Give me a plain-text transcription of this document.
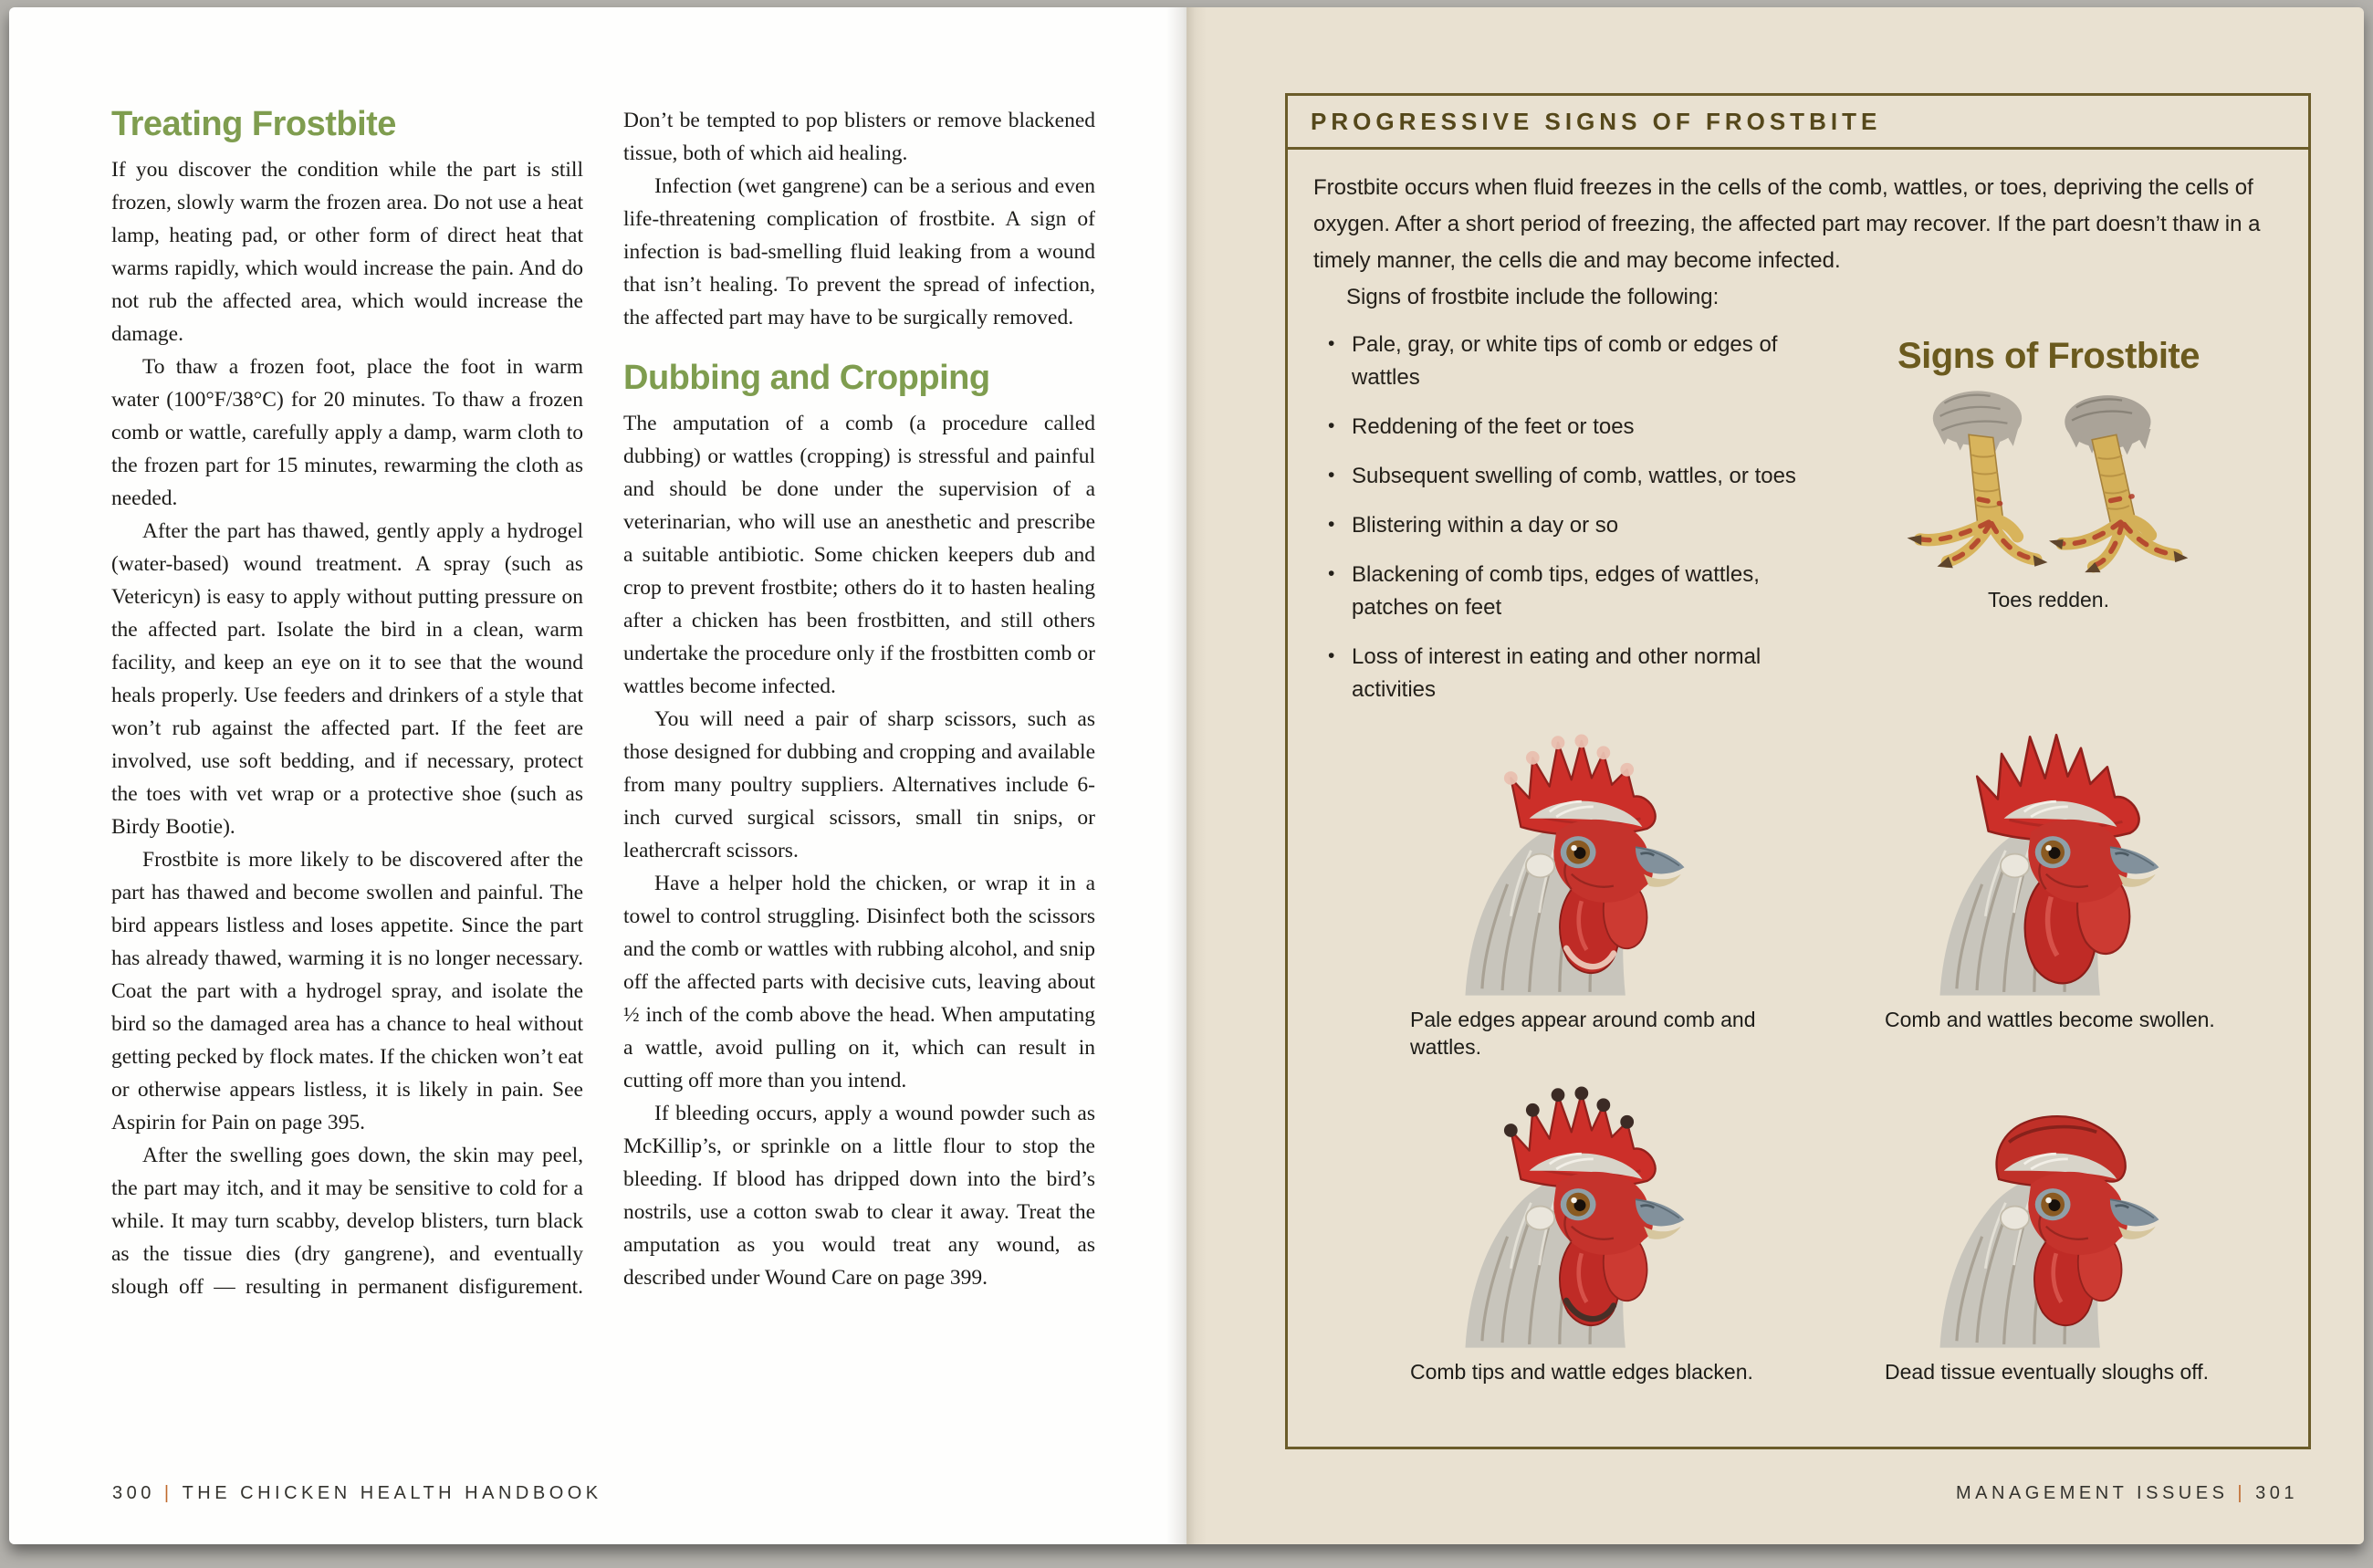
Treating Frostbite

If you discover the condition while the part is still frozen, slowly warm the frozen area. Do not use a heat lamp, heating pad, or other form of direct heat that warms rapidly, which would increase the pain. And do not rub the affected area, which would increase the damage.

To thaw a frozen foot, place the foot in warm water (100°F/38°C) for 20 minutes. To thaw a frozen comb or wattle, carefully apply a damp, warm cloth to the frozen part for 15 minutes, rewarming the cloth as needed.

After the part has thawed, gently apply a hydrogel (water-based) wound treatment. A spray (such as Vetericyn) is easy to apply without putting pressure on the affected part. Isolate the bird in a clean, warm facility, and keep an eye on it to see that the wound heals properly. Use feeders and drinkers of a style that won’t rub against the affected part. If the feet are involved, use soft bedding, and if necessary, protect the toes with vet wrap or a protective shoe (such as Birdy Bootie).

Frostbite is more likely to be discovered after the part has thawed and become swollen and painful. The bird appears listless and loses appetite. Since the part has already thawed, warming it is no longer necessary. Coat the part with a hydrogel spray, and isolate the bird so the damaged area has a chance to heal without getting pecked by flock mates. If the chicken won’t eat or otherwise appears listless, it is likely in pain. See Aspirin for Pain on page 395.

After the swelling goes down, the skin may peel, the part may itch, and it may be sensitive to cold for a while. It may turn scabby, develop blisters, turn black as the tissue dies (dry gangrene), and eventually slough off — resulting in permanent disfigurement. Don’t be tempted to pop blisters or remove blackened tissue, both of which aid healing.

Infection (wet gangrene) can be a serious and even life-threatening complication of frostbite. A sign of infection is bad-smelling fluid leaking from a wound that isn’t healing. To prevent the spread of infection, the affected part may have to be surgically removed.

Dubbing and Cropping

The amputation of a comb (a procedure called dubbing) or wattles (cropping) is stressful and painful and should be done under the supervision of a veterinarian, who will use an anesthetic and prescribe a suitable antibiotic. Some chicken keepers dub and crop to prevent frostbite; others do it to hasten healing after a chicken has been frostbitten, and still others undertake the procedure only if the frostbitten comb or wattles become infected.

You will need a pair of sharp scissors, such as those designed for dubbing and cropping and available from many poultry suppliers. Alternatives include 6-inch curved surgical scissors, small tin snips, or leathercraft scissors.

Have a helper hold the chicken, or wrap it in a towel to control struggling. Disinfect both the scissors and the comb or wattles with rubbing alcohol, and snip off the affected parts with decisive cuts, leaving about ½ inch of the comb above the head. When amputating a wattle, avoid pulling on it, which can result in cutting off more than you intend.

If bleeding occurs, apply a wound powder such as McKillip’s, or sprinkle on a little flour to stop the bleeding. If blood has dripped down into the bird’s nostrils, use a cotton swab to clear it away. Treat the amputation as you would treat any wound, as described under Wound Care on page 399.

300 | THE CHICKEN HEALTH HANDBOOK
PROGRESSIVE SIGNS OF FROSTBITE

Frostbite occurs when fluid freezes in the cells of the comb, wattles, or toes, depriving the cells of oxygen. After a short period of freezing, the affected part may recover. If the part doesn’t thaw in a timely manner, the cells die and may become infected.

Signs of frostbite include the following:

• Pale, gray, or white tips of comb or edges of wattles
• Reddening of the feet or toes
• Subsequent swelling of comb, wattles, or toes
• Blistering within a day or so
• Blackening of comb tips, edges of wattles, patches on feet
• Loss of interest in eating and other normal activities
Signs of Frostbite
Toes redden.
Pale edges appear around comb and wattles.
Comb and wattles become swollen.
Comb tips and wattle edges blacken.	Dead tissue eventually sloughs off.
MANAGEMENT ISSUES | 301
